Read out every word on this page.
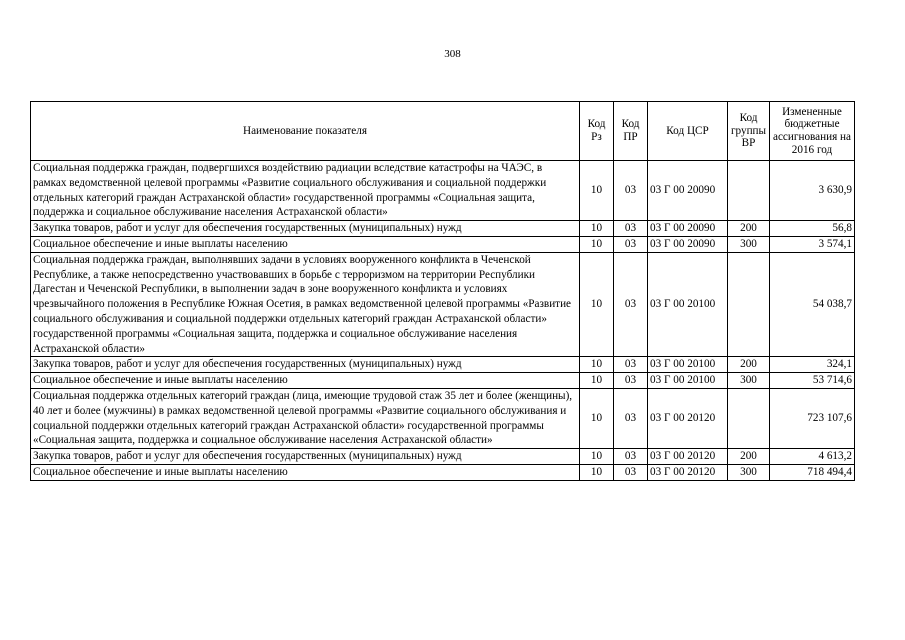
308
Наименование показателя	Код Рз	Код ПР	Код ЦСР	Код группы ВР	Измененные бюджетные ассигнования на 2016 год
Социальная поддержка граждан, подвергшихся воздействию радиации вследствие катастрофы на ЧАЭС, в рамках ведомственной целевой программы «Развитие социального обслуживания и социальной поддержки отдельных категорий граждан Астраханской области» государственной программы «Социальная защита, поддержка и социальное обслуживание населения Астраханской области»	10	03	03 Г 00 20090		3 630,9
Закупка товаров, работ и услуг для обеспечения государственных (муниципальных) нужд	10	03	03 Г 00 20090	200	56,8
Социальное обеспечение и иные выплаты населению	10	03	03 Г 00 20090	300	3 574,1
Социальная поддержка граждан, выполнявших задачи в условиях вооруженного конфликта в Чеченской Республике, а также непосредственно участвовавших в борьбе с терроризмом на территории Республики Дагестан и Чеченской Республики, в выполнении задач в зоне вооруженного конфликта и условиях чрезвычайного положения в Республике Южная Осетия, в рамках ведомственной целевой программы «Развитие социального обслуживания и социальной поддержки отдельных категорий граждан Астраханской области» государственной программы «Социальная защита, поддержка и социальное обслуживание населения Астраханской области»	10	03	03 Г 00 20100		54 038,7
Закупка товаров, работ и услуг для обеспечения государственных (муниципальных) нужд	10	03	03 Г 00 20100	200	324,1
Социальное обеспечение и иные выплаты населению	10	03	03 Г 00 20100	300	53 714,6
Социальная поддержка отдельных категорий граждан (лица, имеющие трудовой стаж 35 лет и более (женщины), 40 лет и более (мужчины) в рамках ведомственной целевой программы «Развитие социального обслуживания и социальной поддержки отдельных категорий граждан Астраханской области» государственной программы «Социальная защита, поддержка и социальное обслуживание населения Астраханской области»	10	03	03 Г 00 20120		723 107,6
Закупка товаров, работ и услуг для обеспечения государственных (муниципальных) нужд	10	03	03 Г 00 20120	200	4 613,2
Социальное обеспечение и иные выплаты населению	10	03	03 Г 00 20120	300	718 494,4
